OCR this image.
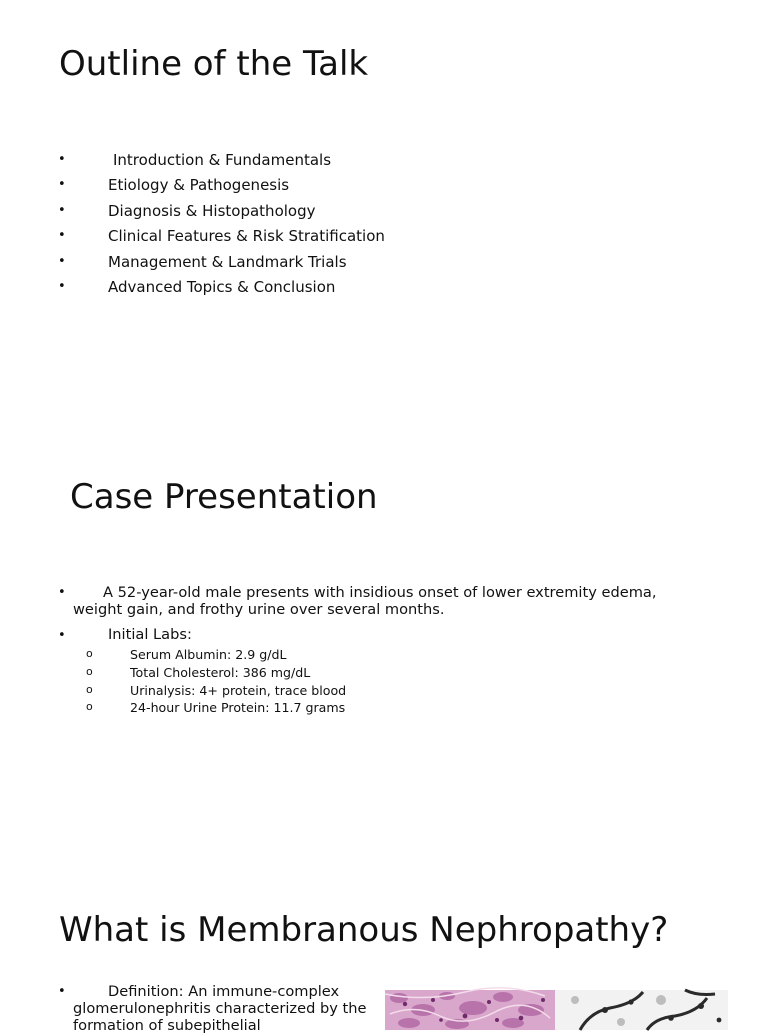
Outline of the Talk
•	Introduction & Fundamentals
•	Etiology & Pathogenesis
•	Diagnosis & Histopathology
•	Clinical Features & Risk Stratification
•	Management & Landmark Trials
•	Advanced Topics & Conclusion
Case Presentation
•	A 52-year-old male presents with insidious onset of lower extremity edema, weight gain, and frothy urine over several months.
•	Initial Labs:
o	Serum Albumin: 2.9 g/dL
o	Total Cholesterol: 386 mg/dL
o	Urinalysis: 4+ protein, trace blood
o	24-hour Urine Protein: 11.7 grams
What is Membranous Nephropathy?
•	Definition: An immune-complex glomerulonephritis characterized by the formation of subepithelial
